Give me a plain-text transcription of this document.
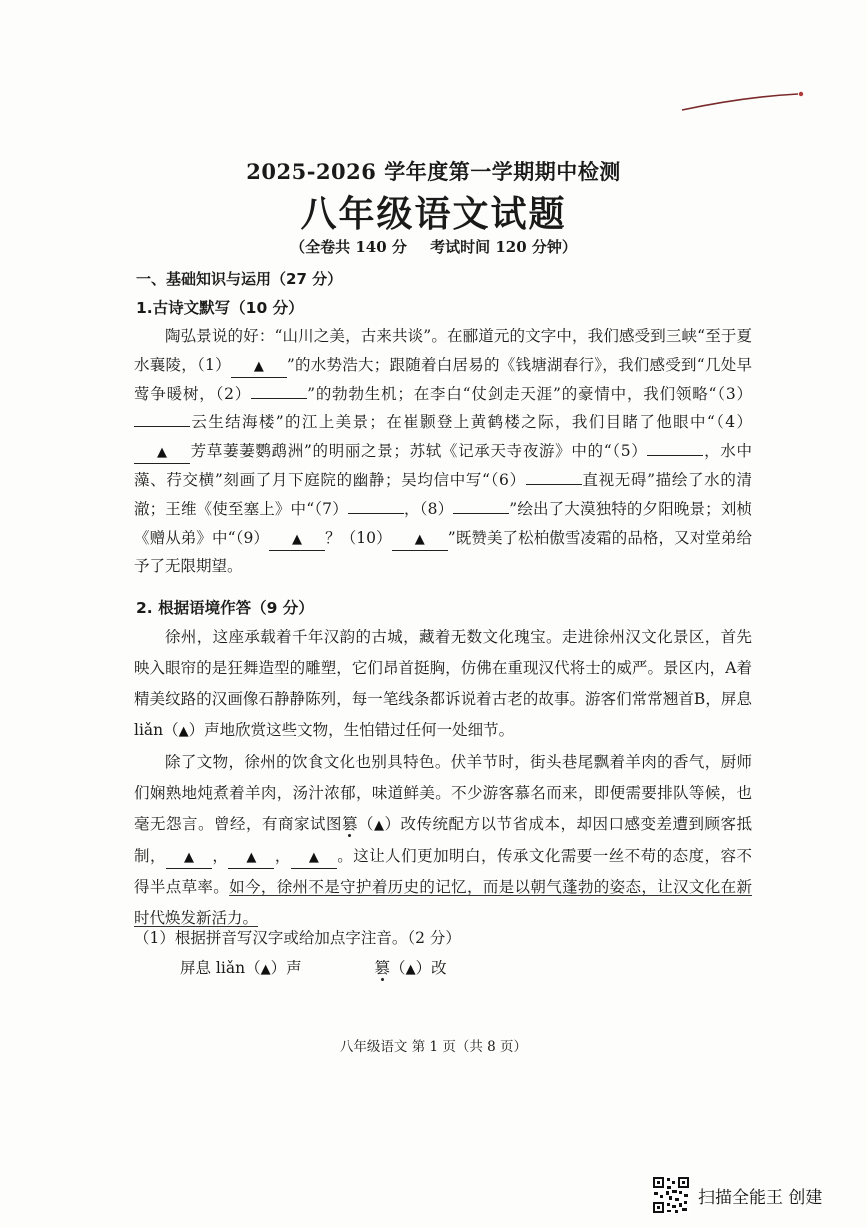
2025-2026 学年度第一学期期中检测
八年级语文试题
（全卷共 140 分 考试时间 120 分钟）
一、基础知识与运用（27 分）
1.古诗文默写（10 分）

陶弘景说的好：“山川之美，古来共谈”。在郦道元的文字中，我们感受到三峡“至于夏水襄陵，（1） ▲ ”的水势浩大；跟随着白居易的《钱塘湖春行》，我们感受到“几处早莺争暖树，（2）	”的勃勃生机；在李白“仗剑走天涯”的豪情中，我们领略“（3）云生结海楼”的江上美景；在崔颢登上黄鹤楼之际，我们目睹了他眼中“（4）▲ 芳草萋萋鹦鹉洲”的明丽之景；苏轼《记承天寺夜游》中的“（5）	，水中藻、荇交横”刻画了月下庭院的幽静；吴均信中写“（6）	直视无碍”描绘了水的清澈；王维《使至塞上》中“（7）	，（8）	”绘出了大漠独特的夕阳晚景；刘桢《赠从弟》中“（9） ▲ ？（10） ▲ ”既赞美了松柏傲雪凌霜的品格，又对堂弟给予了无限期望。

2. 根据语境作答（9 分）

徐州，这座承载着千年汉韵的古城，藏着无数文化瑰宝。走进徐州汉文化景区，首先映入眼帘的是狂舞造型的雕塑，它们昂首挺胸，仿佛在重现汉代将士的威严。景区内，A着精美纹路的汉画像石静静陈列，每一笔线条都诉说着古老的故事。游客们常常翘首B，屏息 liǎn（▲）声地欣赏这些文物，生怕错过任何一处细节。

除了文物，徐州的饮食文化也别具特色。伏羊节时，街头巷尾飘着羊肉的香气，厨师们娴熟地炖煮着羊肉，汤汁浓郁，味道鲜美。不少游客慕名而来，即便需要排队等候，也毫无怨言。曾经，有商家试图篡（▲）改传统配方以节省成本，却因口感变差遭到顾客抵制， ▲ ， ▲ ， ▲ 。这让人们更加明白，传承文化需要一丝不苟的态度，容不得半点草率。如今，徐州不是守护着历史的记忆，而是以朝气蓬勃的姿态，让汉文化在新时代焕发新活力。

（1）根据拼音写汉字或给加点字注音。（2 分）
屏息 liǎn（▲）声	篡（▲）改
八年级语文 第 1 页（共 8 页）
扫描全能王 创建
